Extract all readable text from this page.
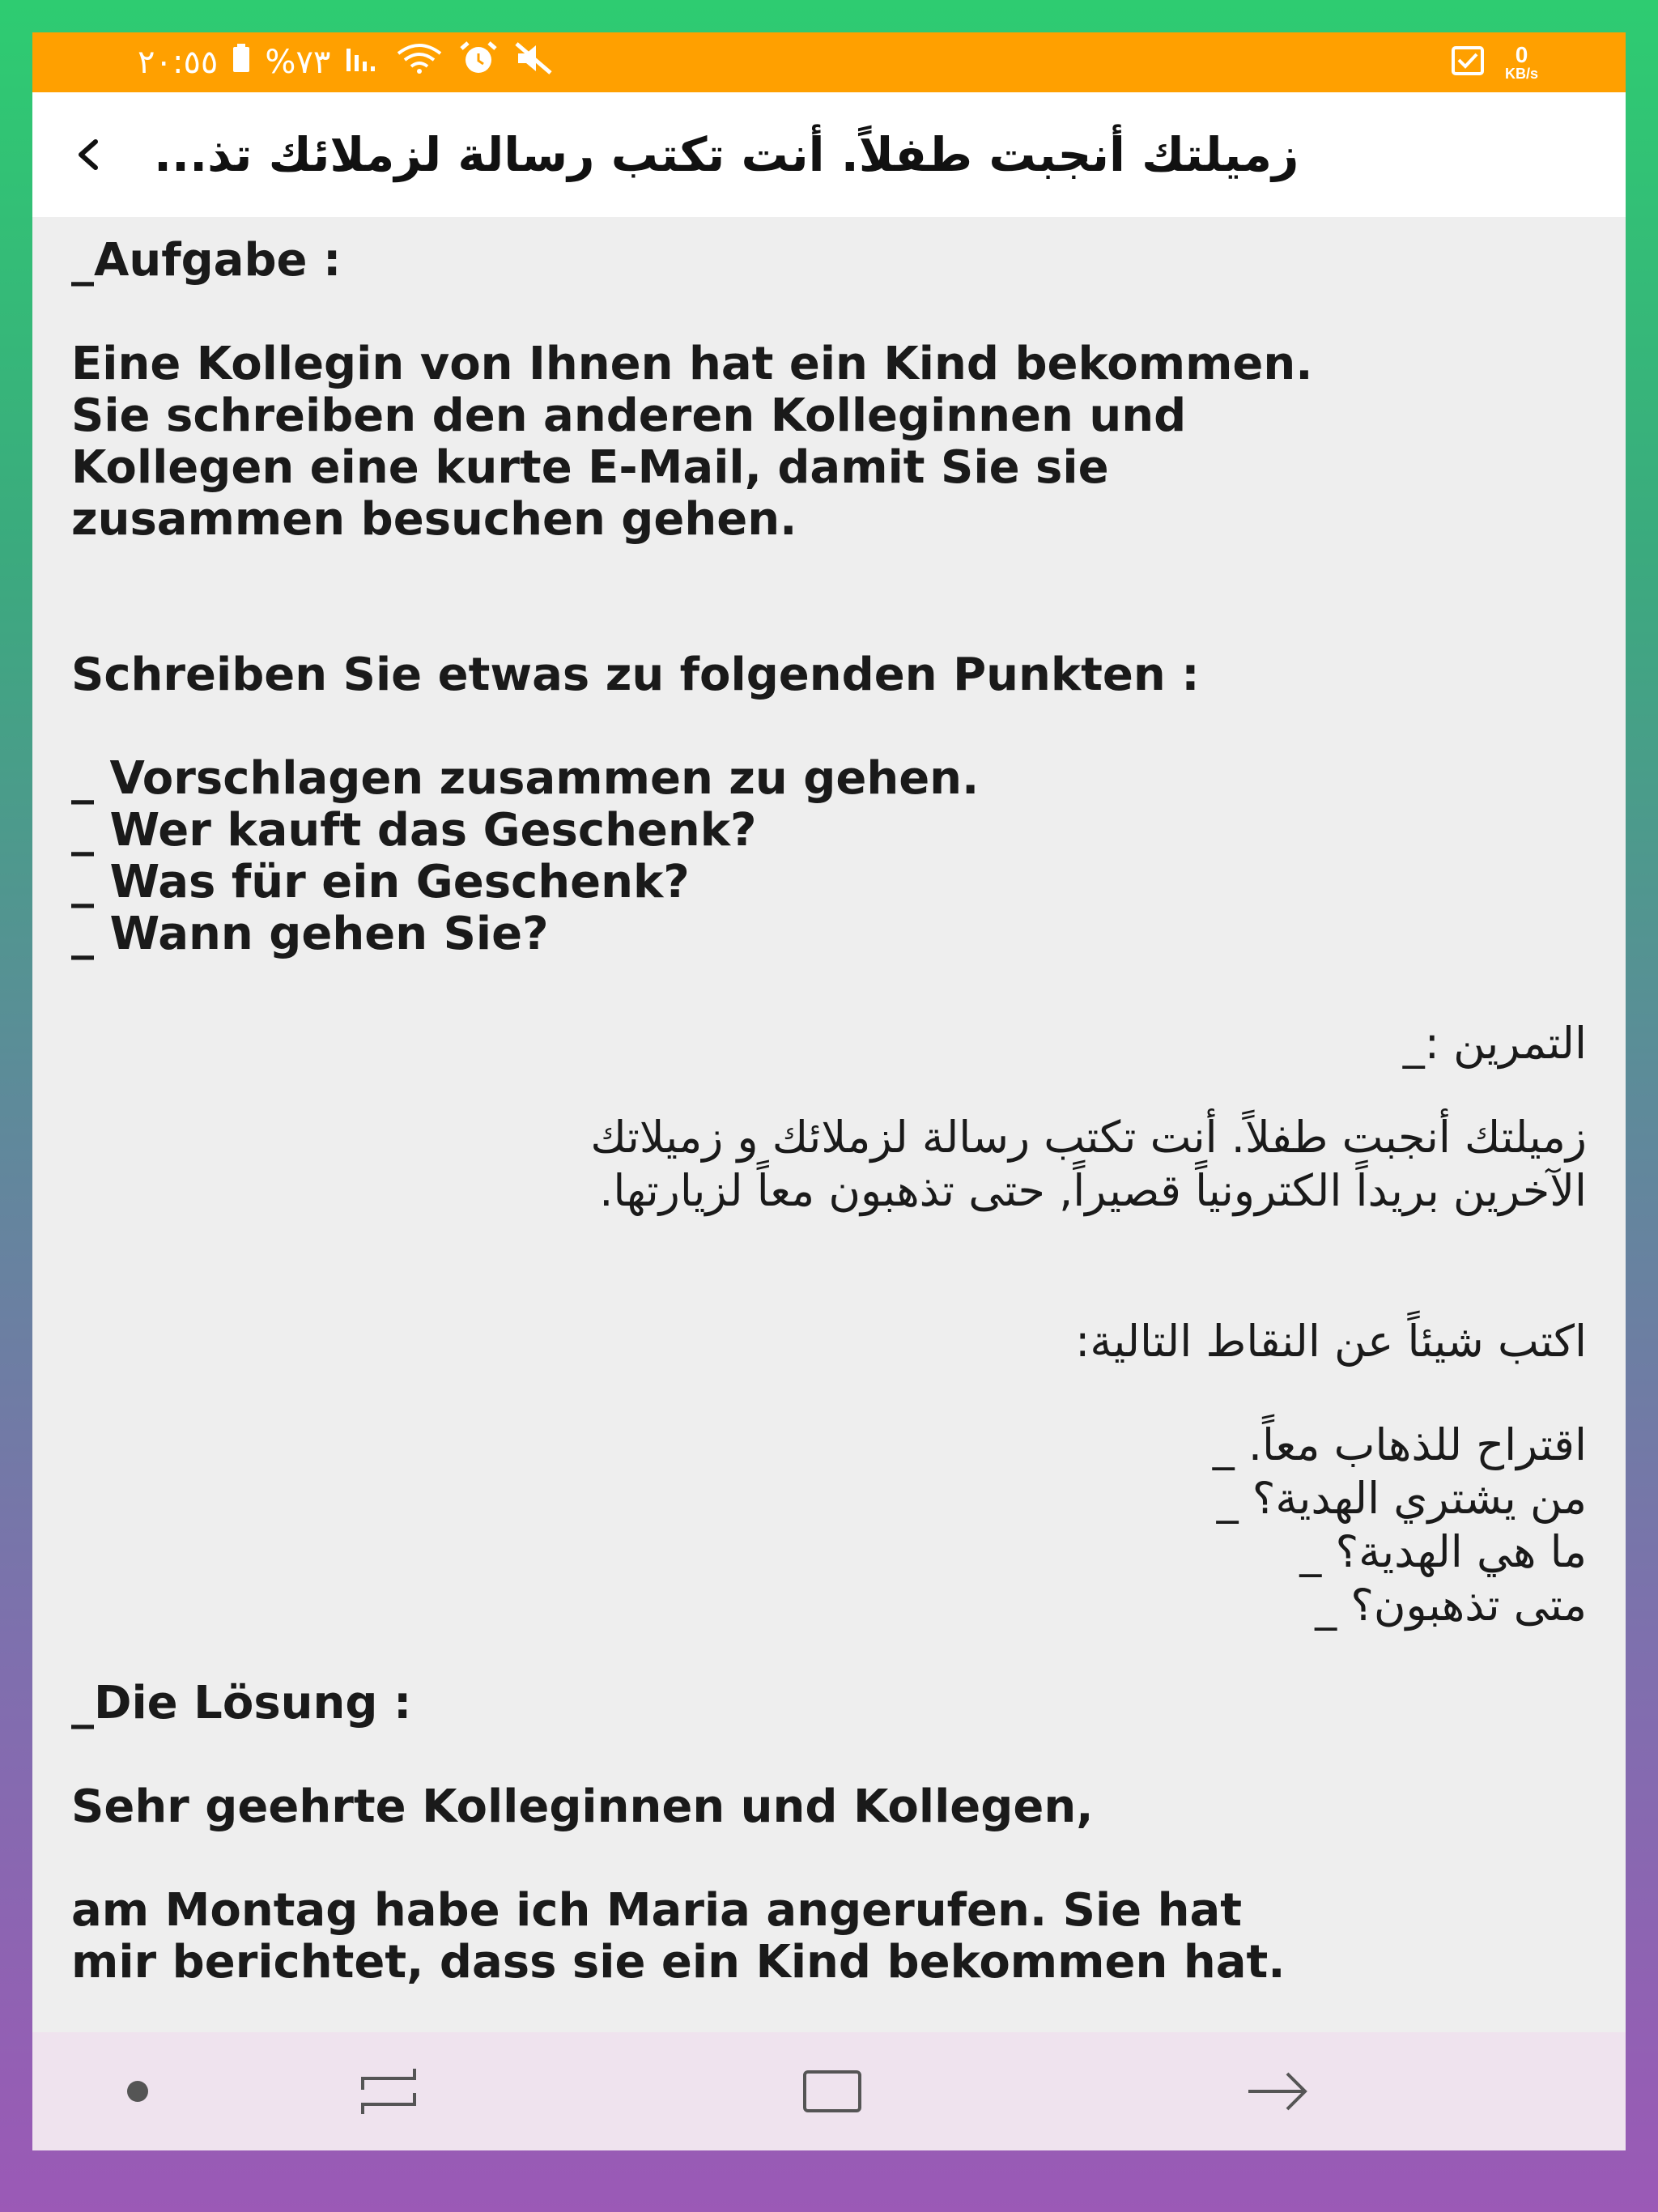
٢٠:٥٥ %٧٣	0
KB/s
زميلتك أنجبت طفلاً. أنت تكتب رسالة لزملائك تذ...
_Aufgabe :
Eine Kollegin von Ihnen hat ein Kind bekommen.
Sie schreiben den anderen Kolleginnen und
Kollegen eine kurte E-Mail, damit Sie sie
zusammen besuchen gehen.
Schreiben Sie etwas zu folgenden Punkten :
_ Vorschlagen zusammen zu gehen.
_ Wer kauft das Geschenk?
_ Was für ein Geschenk?
_ Wann gehen Sie?
التمرين :_
زميلتك أنجبت طفلاً. أنت تكتب رسالة لزملائك و زميلاتك
الآخرين بريداً الكترونياً قصيراً, حتى تذهبون معاً لزيارتها.
اكتب شيئاً عن النقاط التالية:
اقتراح للذهاب معاً. _
من يشتري الهدية؟ _
ما هي الهدية؟ _
متى تذهبون؟ _
_Die Lösung :
Sehr geehrte Kolleginnen und Kollegen,
am Montag habe ich Maria angerufen. Sie hat
mir berichtet, dass sie ein Kind bekommen hat.
